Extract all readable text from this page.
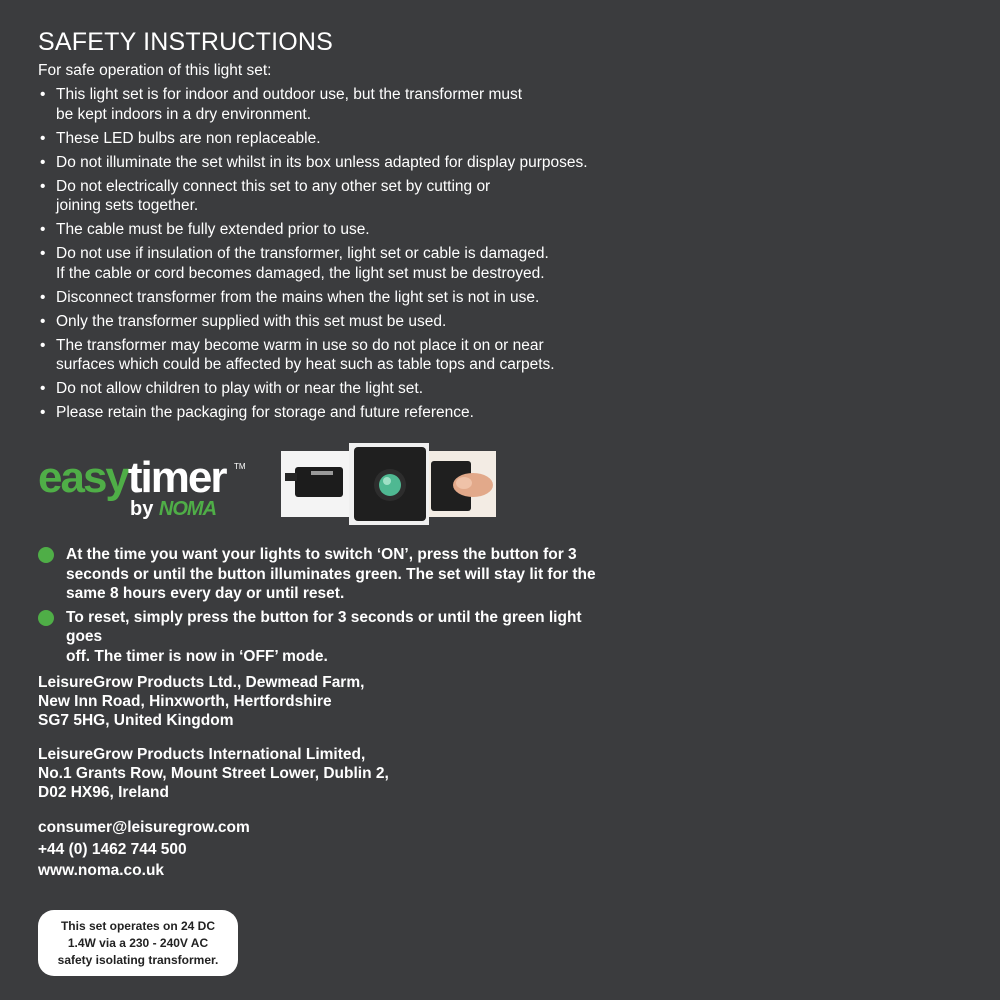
SAFETY INSTRUCTIONS
For safe operation of this light set:
• This light set is for indoor and outdoor use, but the transformer must
be kept indoors in a dry environment.
• These LED bulbs are non replaceable.
• Do not illuminate the set whilst in its box unless adapted for display purposes.
• Do not electrically connect this set to any other set by cutting or
joining sets together.
• The cable must be fully extended prior to use.
• Do not use if insulation of the transformer, light set or cable is damaged.
If the cable or cord becomes damaged, the light set must be destroyed.
• Disconnect transformer from the mains when the light set is not in use.
• Only the transformer supplied with this set must be used.
• The transformer may become warm in use so do not place it on or near
surfaces which could be affected by heat such as table tops and carpets.
• Do not allow children to play with or near the light set.
• Please retain the packaging for storage and future reference.
easytimer TM
by NOMA
At the time you want your lights to switch ‘ON’, press the button for 3
seconds or until the button illuminates green. The set will stay lit for the
same 8 hours every day or until reset.
To reset, simply press the button for 3 seconds or until the green light goes
off. The timer is now in ‘OFF’ mode.
LeisureGrow Products Ltd., Dewmead Farm,
New Inn Road, Hinxworth, Hertfordshire
SG7 5HG, United Kingdom
LeisureGrow Products International Limited,
No.1 Grants Row, Mount Street Lower, Dublin 2,
D02 HX96, Ireland
consumer@leisuregrow.com
+44 (0) 1462 744 500
www.noma.co.uk
This set operates on 24 DC
1.4W via a 230 - 240V AC
safety isolating transformer.
